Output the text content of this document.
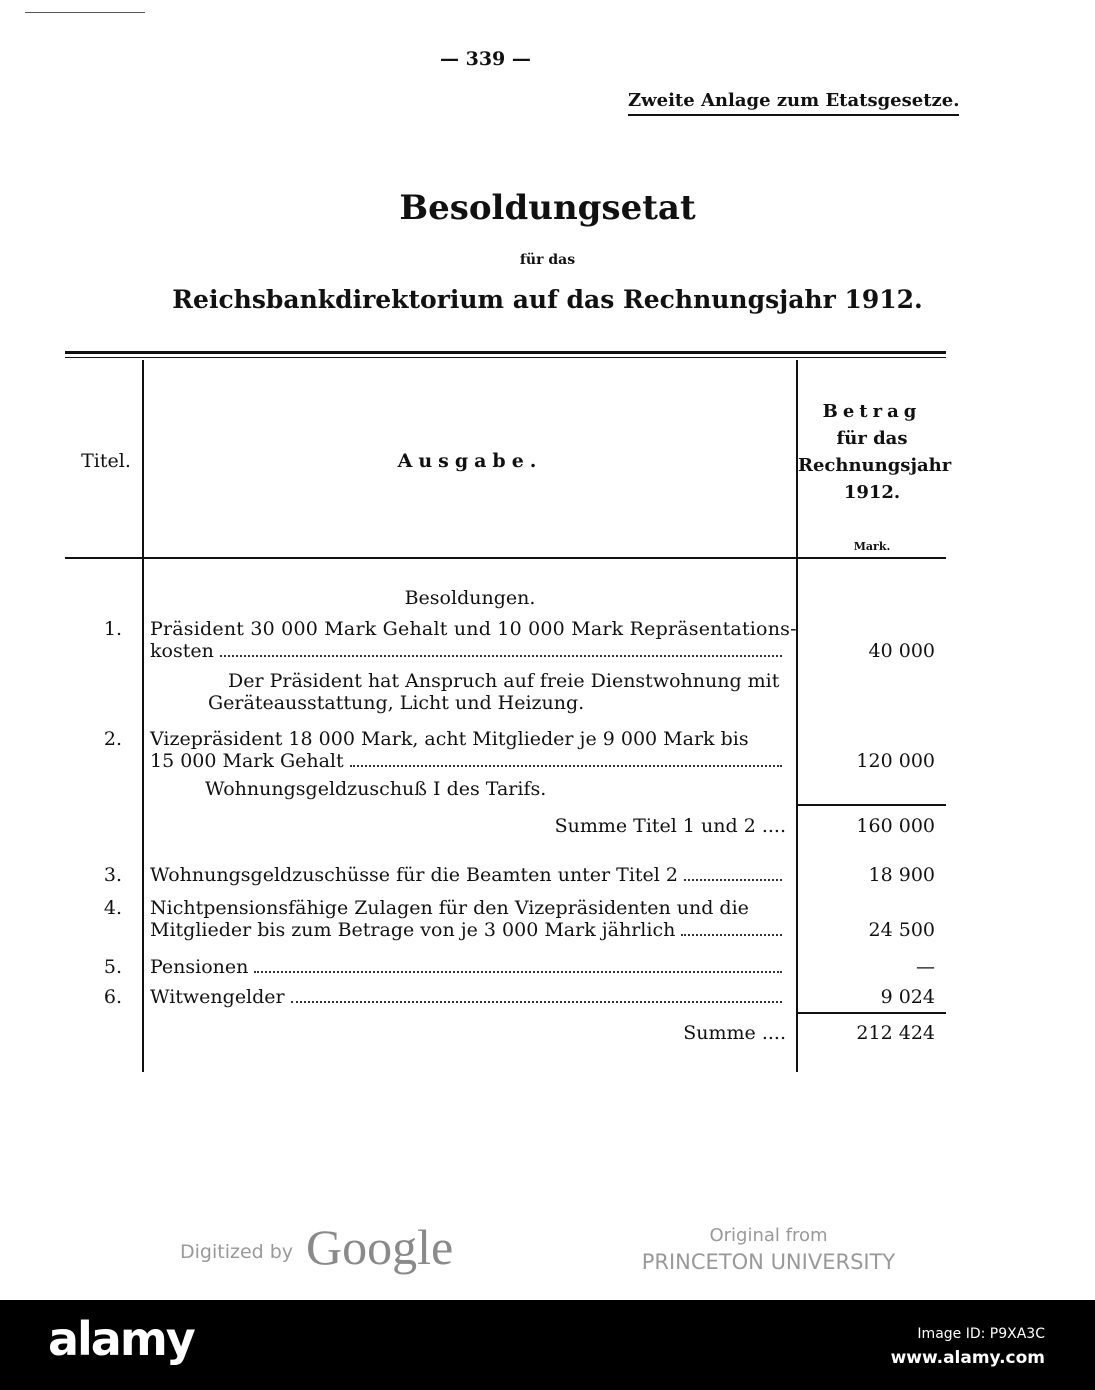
— 339 —
Zweite Anlage zum Etatsgesetze.
Besoldungsetat
für das
Reichsbankdirektorium auf das Rechnungsjahr 1912.
Titel.	Ausgabe.
Betrag
für das
Rechnungsjahr
1912.
Mark.
Besoldungen.
1.	Präsident 30 000 Mark Gehalt und 10 000 Mark Repräsentations-
kosten	40 000
Der Präsident hat Anspruch auf freie Dienstwohnung mit
Geräteausstattung, Licht und Heizung.
2.	Vizepräsident 18 000 Mark, acht Mitglieder je 9 000 Mark bis
15 000 Mark Gehalt	120 000
Wohnungsgeldzuschuß I des Tarifs.
Summe Titel 1 und 2 ....	160 000
3.	Wohnungsgeldzuschüsse für die Beamten unter Titel 2	18 900
4.	Nichtpensionsfähige Zulagen für den Vizepräsidenten und die
Mitglieder bis zum Betrage von je 3 000 Mark jährlich	24 500
5.	Pensionen	—
6.	Witwengelder	9 024
Summe ....	212 424
Digitized by Google	Original from
PRINCETON UNIVERSITY
alamy	Image ID: P9XA3C
www.alamy.com
